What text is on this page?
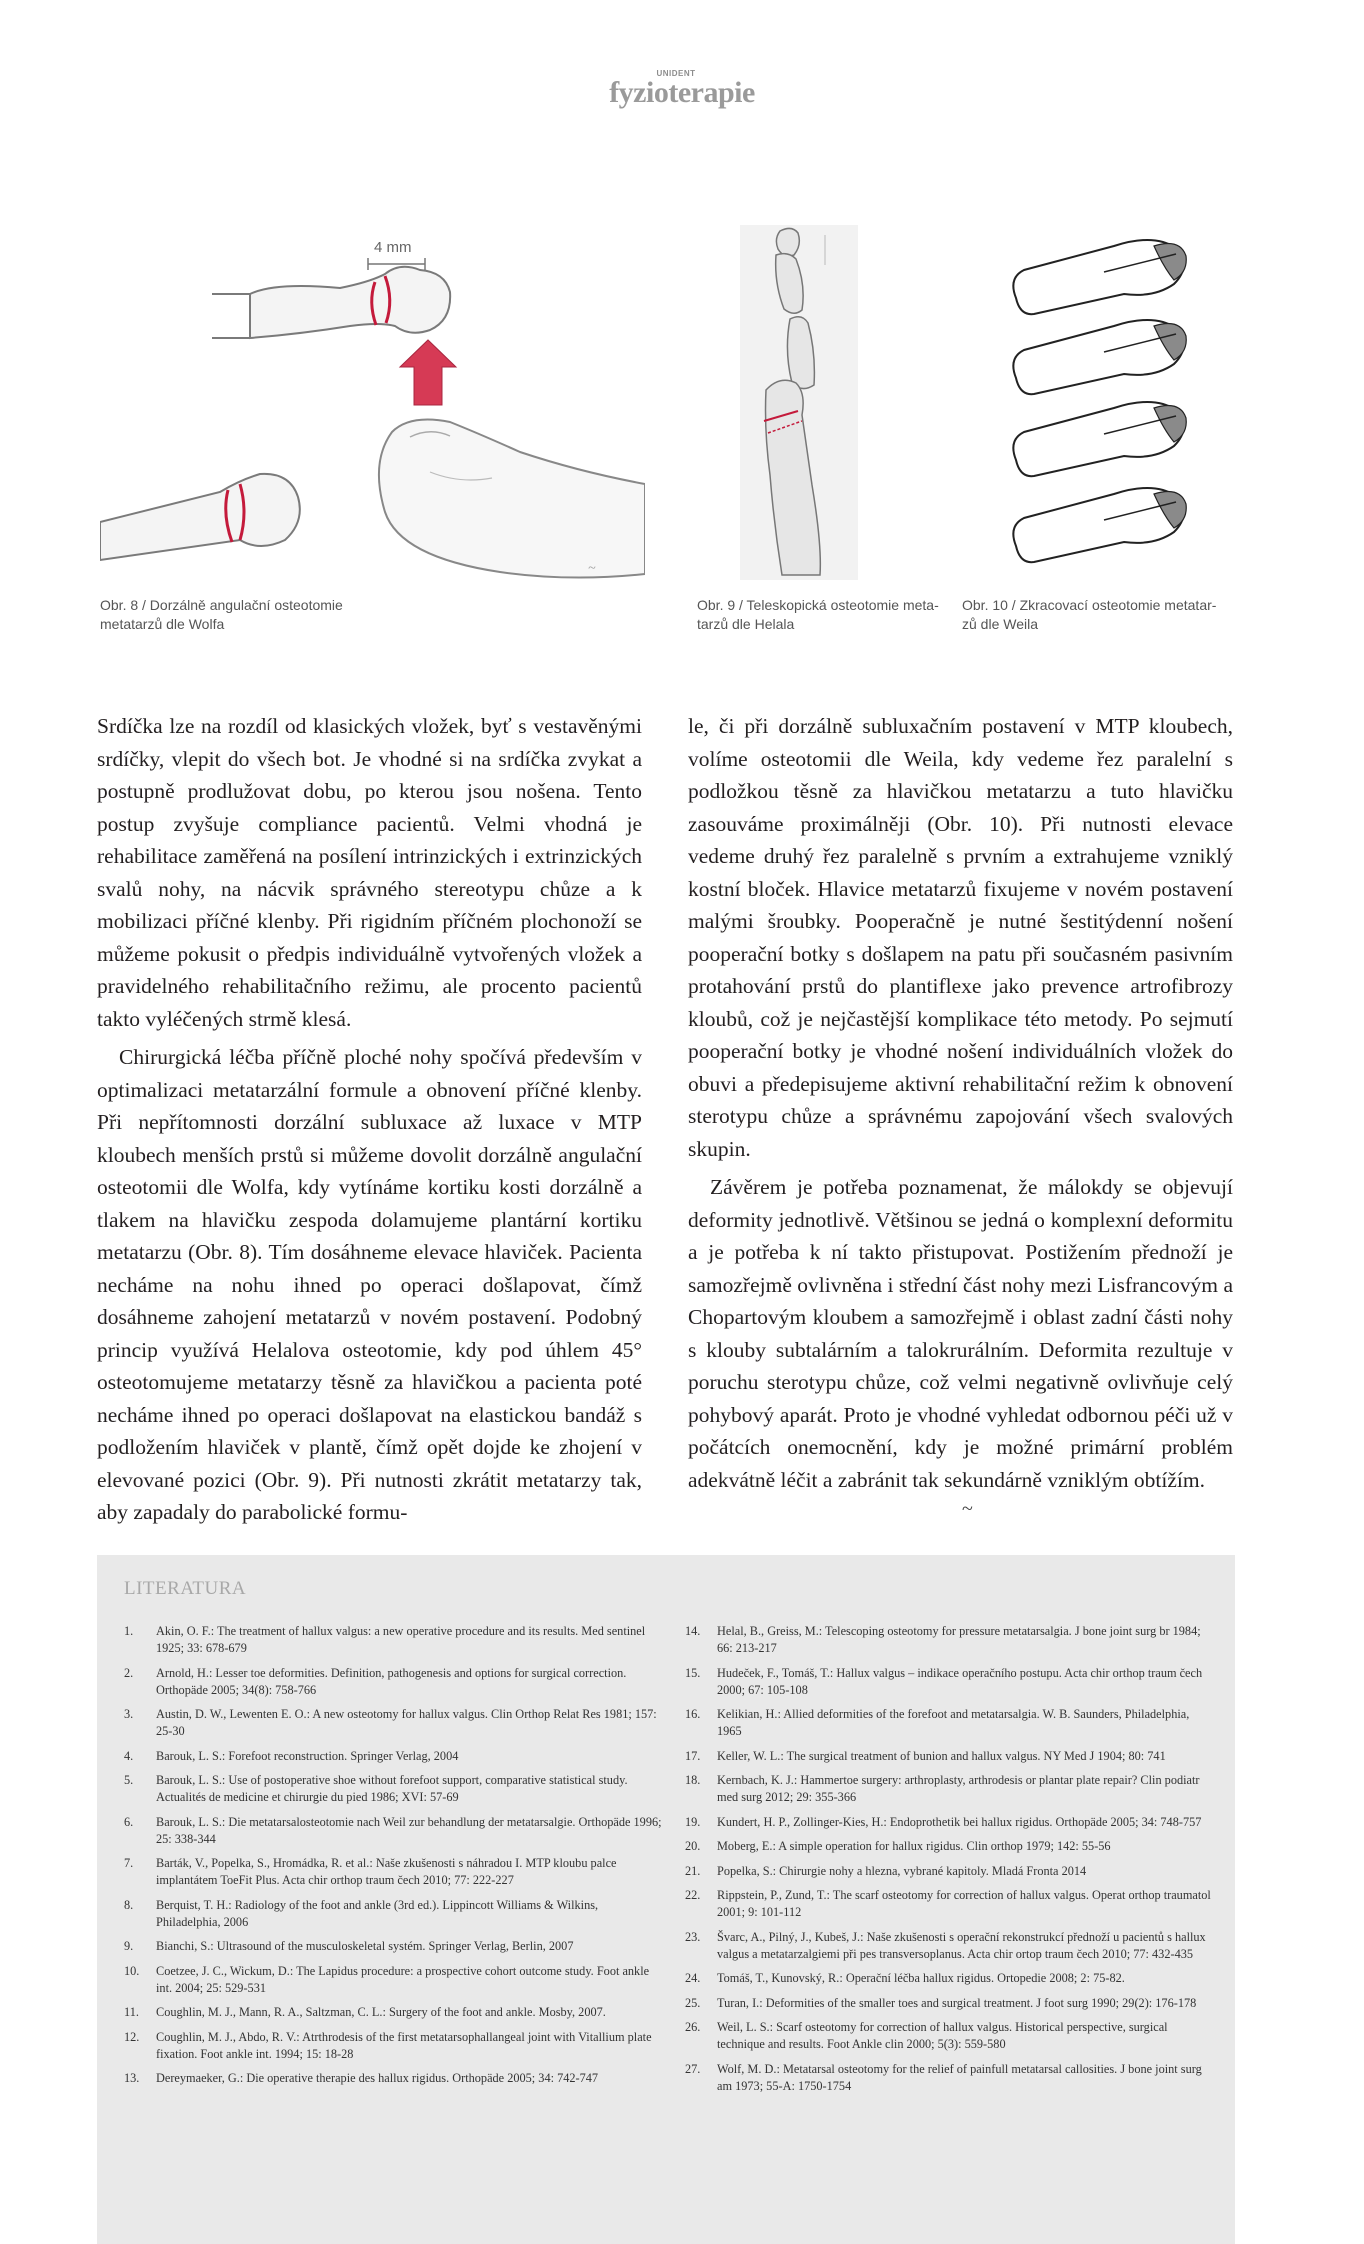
UNIDENT
fyzioterapie
4 mm
~
Obr. 8 / Dorzálně angulační osteotomie
metatarzů dle Wolfa
Obr. 9 / Teleskopická osteotomie meta-
tarzů dle Helala
Obr. 10 / Zkracovací osteotomie metatar-
zů dle Weila

Srdíčka lze na rozdíl od klasických vložek, byť s vestavěnými srdíčky, vlepit do všech bot. Je vhodné si na srdíčka zvykat a postupně prodlužovat dobu, po kterou jsou nošena. Tento postup zvyšuje compliance pacientů. Velmi vhodná je rehabilitace zaměřená na posílení intrinzických i extrinzických svalů nohy, na nácvik správného stereotypu chůze a k mobilizaci příčné klenby. Při rigidním příčném plochonoží se můžeme pokusit o předpis individuálně vytvořených vložek a pravidelného rehabilitačního režimu, ale procento pacientů takto vyléčených strmě klesá.

Chirurgická léčba příčně ploché nohy spočívá především v optimalizaci metatarzální formule a obnovení příčné klenby. Při nepřítomnosti dorzální subluxace až luxace v MTP kloubech menších prstů si můžeme dovolit dorzálně angulační osteotomii dle Wolfa, kdy vytínáme kortiku kosti dorzálně a tlakem na hlavičku zespoda dolamujeme plantární kortiku metatarzu (Obr. 8). Tím dosáhneme elevace hlaviček. Pacienta necháme na nohu ihned po operaci došlapovat, čímž dosáhneme zahojení metatarzů v novém postavení. Podobný princip využívá Helalova osteotomie, kdy pod úhlem 45° osteotomujeme metatarzy těsně za hlavičkou a pacienta poté necháme ihned po operaci došlapovat na elastickou bandáž s podložením hlaviček v plantě, čímž opět dojde ke zhojení v elevované pozici (Obr. 9). Při nutnosti zkrátit metatarzy tak, aby zapadaly do parabolické formu-

le, či při dorzálně subluxačním postavení v MTP kloubech, volíme osteotomii dle Weila, kdy vedeme řez paralelní s podložkou těsně za hlavičkou metatarzu a tuto hlavičku zasouváme proximálněji (Obr. 10). Při nutnosti elevace vedeme druhý řez paralelně s prvním a extrahujeme vzniklý kostní bloček. Hlavice metatarzů fixujeme v novém postavení malými šroubky. Pooperačně je nutné šestitýdenní nošení pooperační botky s došlapem na patu při současném pasivním protahování prstů do plantiflexe jako prevence artrofibrozy kloubů, což je nejčastější komplikace této metody. Po sejmutí pooperační botky je vhodné nošení individuálních vložek do obuvi a předepisujeme aktivní rehabilitační režim k obnovení sterotypu chůze a správnému zapojování všech svalových skupin.

Závěrem je potřeba poznamenat, že málokdy se objevují deformity jednotlivě. Většinou se jedná o komplexní deformitu a je potřeba k ní takto přistupovat. Postižením přednoží je samozřejmě ovlivněna i střední část nohy mezi Lisfrancovým a Chopartovým kloubem a samozřejmě i oblast zadní části nohy s klouby subtalárním a talokrurálním. Deformita rezultuje v poruchu sterotypu chůze, což velmi negativně ovlivňuje celý pohybový aparát. Proto je vhodné vyhledat odbornou péči už v počátcích onemocnění, kdy je možné primární problém adekvátně léčit a zabránit tak sekundárně vzniklým obtížím.

~
LITERATURA
1.	Akin, O. F.: The treatment of hallux valgus: a new operative procedure and its results. Med sentinel 1925; 33: 678-679
2.	Arnold, H.: Lesser toe deformities. Definition, pathogenesis and options for surgical correction. Orthopäde 2005; 34(8): 758-766
3.	Austin, D. W., Lewenten E. O.: A new osteotomy for hallux valgus. Clin Orthop Relat Res 1981; 157: 25-30
4.	Barouk, L. S.: Forefoot reconstruction. Springer Verlag, 2004
5.	Barouk, L. S.: Use of postoperative shoe without forefoot support, comparative statistical study. Actualités de medicine et chirurgie du pied 1986; XVI: 57-69
6.	Barouk, L. S.: Die metatarsalosteotomie nach Weil zur behandlung der metatarsalgie. Orthopäde 1996; 25: 338-344
7.	Barták, V., Popelka, S., Hromádka, R. et al.: Naše zkušenosti s náhradou I. MTP kloubu palce implantátem ToeFit Plus. Acta chir orthop traum čech 2010; 77: 222-227
8.	Berquist, T. H.: Radiology of the foot and ankle (3rd ed.). Lippincott Williams & Wilkins, Philadelphia, 2006
9.	Bianchi, S.: Ultrasound of the musculoskeletal systém. Springer Verlag, Berlin, 2007
10.	Coetzee, J. C., Wickum, D.: The Lapidus procedure: a prospective cohort outcome study. Foot ankle int. 2004; 25: 529-531
11.	Coughlin, M. J., Mann, R. A., Saltzman, C. L.: Surgery of the foot and ankle. Mosby, 2007.
12.	Coughlin, M. J., Abdo, R. V.: Atrthrodesis of the first metatarsophallangeal joint with Vitallium plate fixation. Foot ankle int. 1994; 15: 18-28
13.	Dereymaeker, G.: Die operative therapie des hallux rigidus. Orthopäde 2005; 34: 742-747
14.	Helal, B., Greiss, M.: Telescoping osteotomy for pressure metatarsalgia. J bone joint surg br 1984; 66: 213-217
15.	Hudeček, F., Tomáš, T.: Hallux valgus – indikace operačního postupu. Acta chir orthop traum čech 2000; 67: 105-108
16.	Kelikian, H.: Allied deformities of the forefoot and metatarsalgia. W. B. Saunders, Philadelphia, 1965
17.	Keller, W. L.: The surgical treatment of bunion and hallux valgus. NY Med J 1904; 80: 741
18.	Kernbach, K. J.: Hammertoe surgery: arthroplasty, arthrodesis or plantar plate repair? Clin podiatr med surg 2012; 29: 355-366
19.	Kundert, H. P., Zollinger-Kies, H.: Endoprothetik bei hallux rigidus. Orthopäde 2005; 34: 748-757
20.	Moberg, E.: A simple operation for hallux rigidus. Clin orthop 1979; 142: 55-56
21.	Popelka, S.: Chirurgie nohy a hlezna, vybrané kapitoly. Mladá Fronta 2014
22.	Rippstein, P., Zund, T.: The scarf osteotomy for correction of hallux valgus. Operat orthop traumatol 2001; 9: 101-112
23.	Švarc, A., Pilný, J., Kubeš, J.: Naše zkušenosti s operační rekonstrukcí přednoží u pacientů s hallux valgus a metatarzalgiemi při pes transversoplanus. Acta chir ortop traum čech 2010; 77: 432-435
24.	Tomáš, T., Kunovský, R.: Operační léčba hallux rigidus. Ortopedie 2008; 2: 75-82.
25.	Turan, I.: Deformities of the smaller toes and surgical treatment. J foot surg 1990; 29(2): 176-178
26.	Weil, L. S.: Scarf osteotomy for correction of hallux valgus. Historical perspective, surgical technique and results. Foot Ankle clin 2000; 5(3): 559-580
27.	Wolf, M. D.: Metatarsal osteotomy for the relief of painfull metatarsal callosities. J bone joint surg am 1973; 55-A: 1750-1754
